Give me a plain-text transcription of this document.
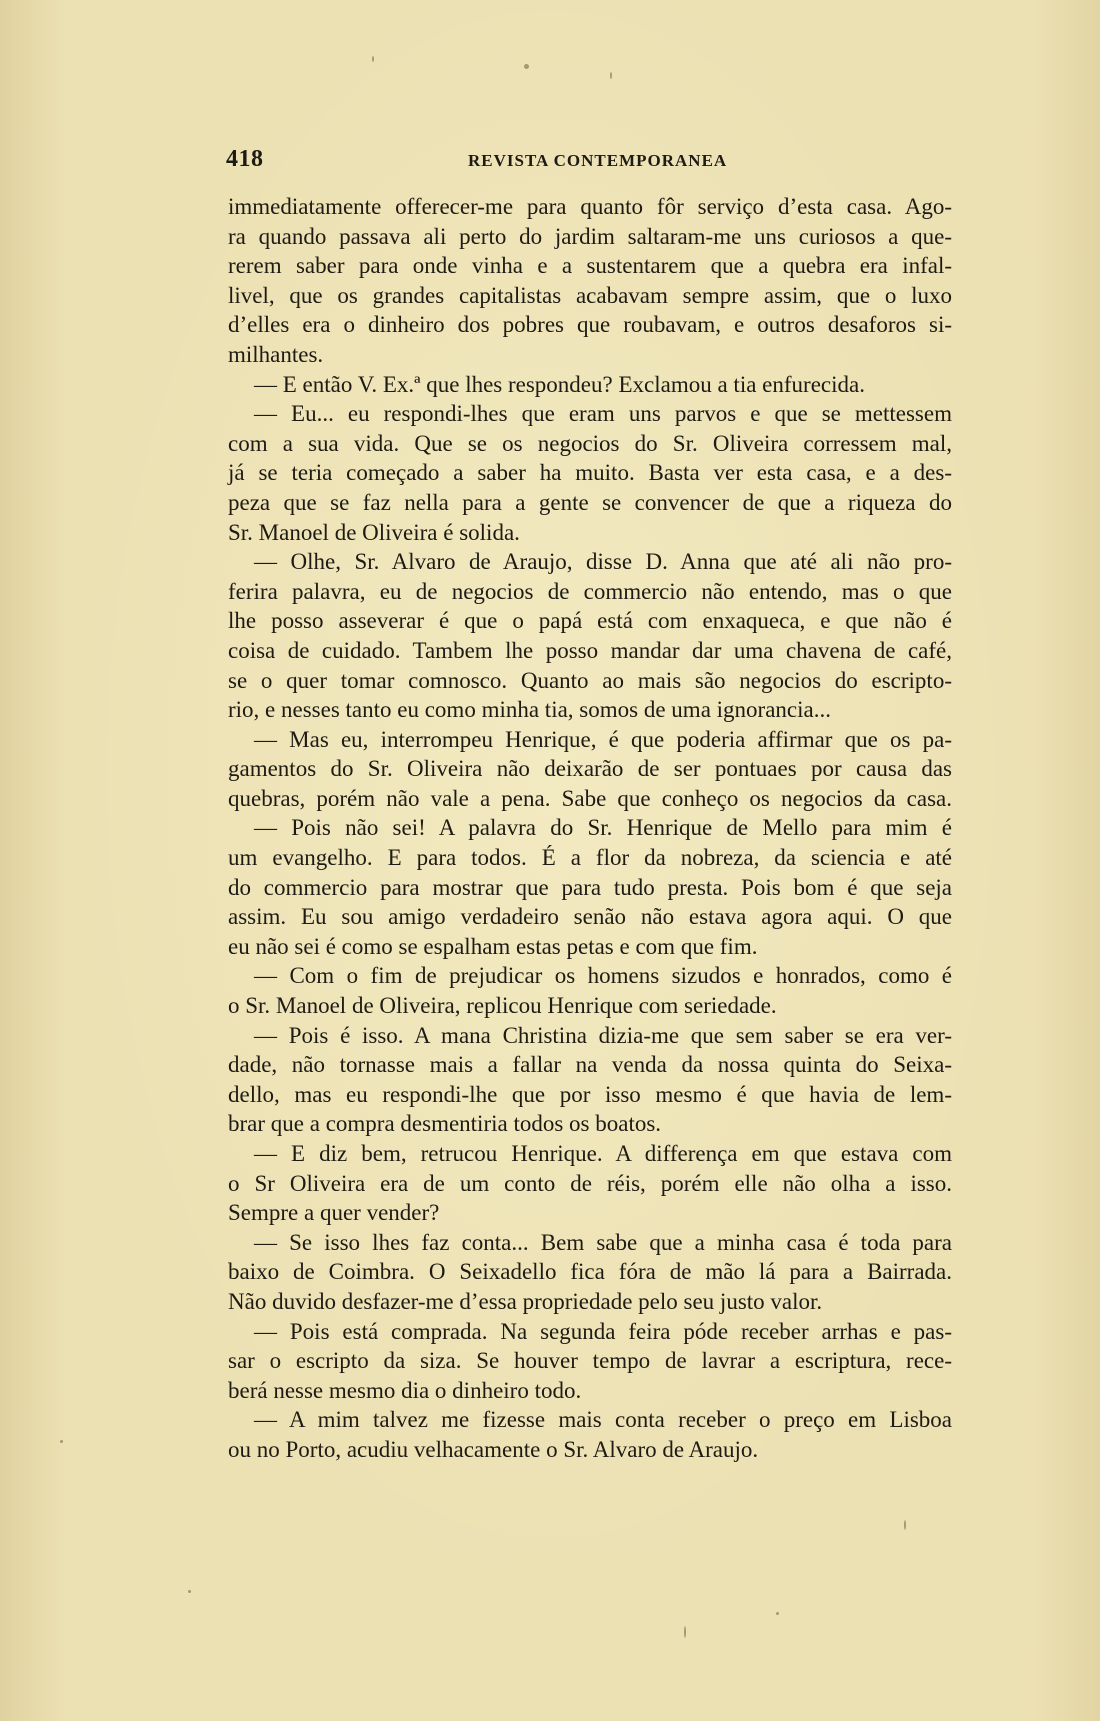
418	REVISTA CONTEMPORANEA
immediatamente offerecer-me para quanto fôr serviço d’esta casa. Ago-
ra quando passava ali perto do jardim saltaram-me uns curiosos a que-
rerem saber para onde vinha e a sustentarem que a quebra era infal-
livel, que os grandes capitalistas acabavam sempre assim, que o luxo
d’elles era o dinheiro dos pobres que roubavam, e outros desaforos si-
milhantes.
— E então V. Ex.ª que lhes respondeu? Exclamou a tia enfurecida.
— Eu... eu respondi-lhes que eram uns parvos e que se mettessem
com a sua vida. Que se os negocios do Sr. Oliveira corressem mal,
já se teria começado a saber ha muito. Basta ver esta casa, e a des-
peza que se faz nella para a gente se convencer de que a riqueza do
Sr. Manoel de Oliveira é solida.
— Olhe, Sr. Alvaro de Araujo, disse D. Anna que até ali não pro-
ferira palavra, eu de negocios de commercio não entendo, mas o que
lhe posso asseverar é que o papá está com enxaqueca, e que não é
coisa de cuidado. Tambem lhe posso mandar dar uma chavena de café,
se o quer tomar comnosco. Quanto ao mais são negocios do escripto-
rio, e nesses tanto eu como minha tia, somos de uma ignorancia...
— Mas eu, interrompeu Henrique, é que poderia affirmar que os pa-
gamentos do Sr. Oliveira não deixarão de ser pontuaes por causa das
quebras, porém não vale a pena. Sabe que conheço os negocios da casa.
— Pois não sei! A palavra do Sr. Henrique de Mello para mim é
um evangelho. E para todos. É a flor da nobreza, da sciencia e até
do commercio para mostrar que para tudo presta. Pois bom é que seja
assim. Eu sou amigo verdadeiro senão não estava agora aqui. O que
eu não sei é como se espalham estas petas e com que fim.
— Com o fim de prejudicar os homens sizudos e honrados, como é
o Sr. Manoel de Oliveira, replicou Henrique com seriedade.
— Pois é isso. A mana Christina dizia-me que sem saber se era ver-
dade, não tornasse mais a fallar na venda da nossa quinta do Seixa-
dello, mas eu respondi-lhe que por isso mesmo é que havia de lem-
brar que a compra desmentiria todos os boatos.
— E diz bem, retrucou Henrique. A differença em que estava com
o Sr Oliveira era de um conto de réis, porém elle não olha a isso.
Sempre a quer vender?
— Se isso lhes faz conta... Bem sabe que a minha casa é toda para
baixo de Coimbra. O Seixadello fica fóra de mão lá para a Bairrada.
Não duvido desfazer-me d’essa propriedade pelo seu justo valor.
— Pois está comprada. Na segunda feira póde receber arrhas e pas-
sar o escripto da siza. Se houver tempo de lavrar a escriptura, rece-
berá nesse mesmo dia o dinheiro todo.
— A mim talvez me fizesse mais conta receber o preço em Lisboa
ou no Porto, acudiu velhacamente o Sr. Alvaro de Araujo.
